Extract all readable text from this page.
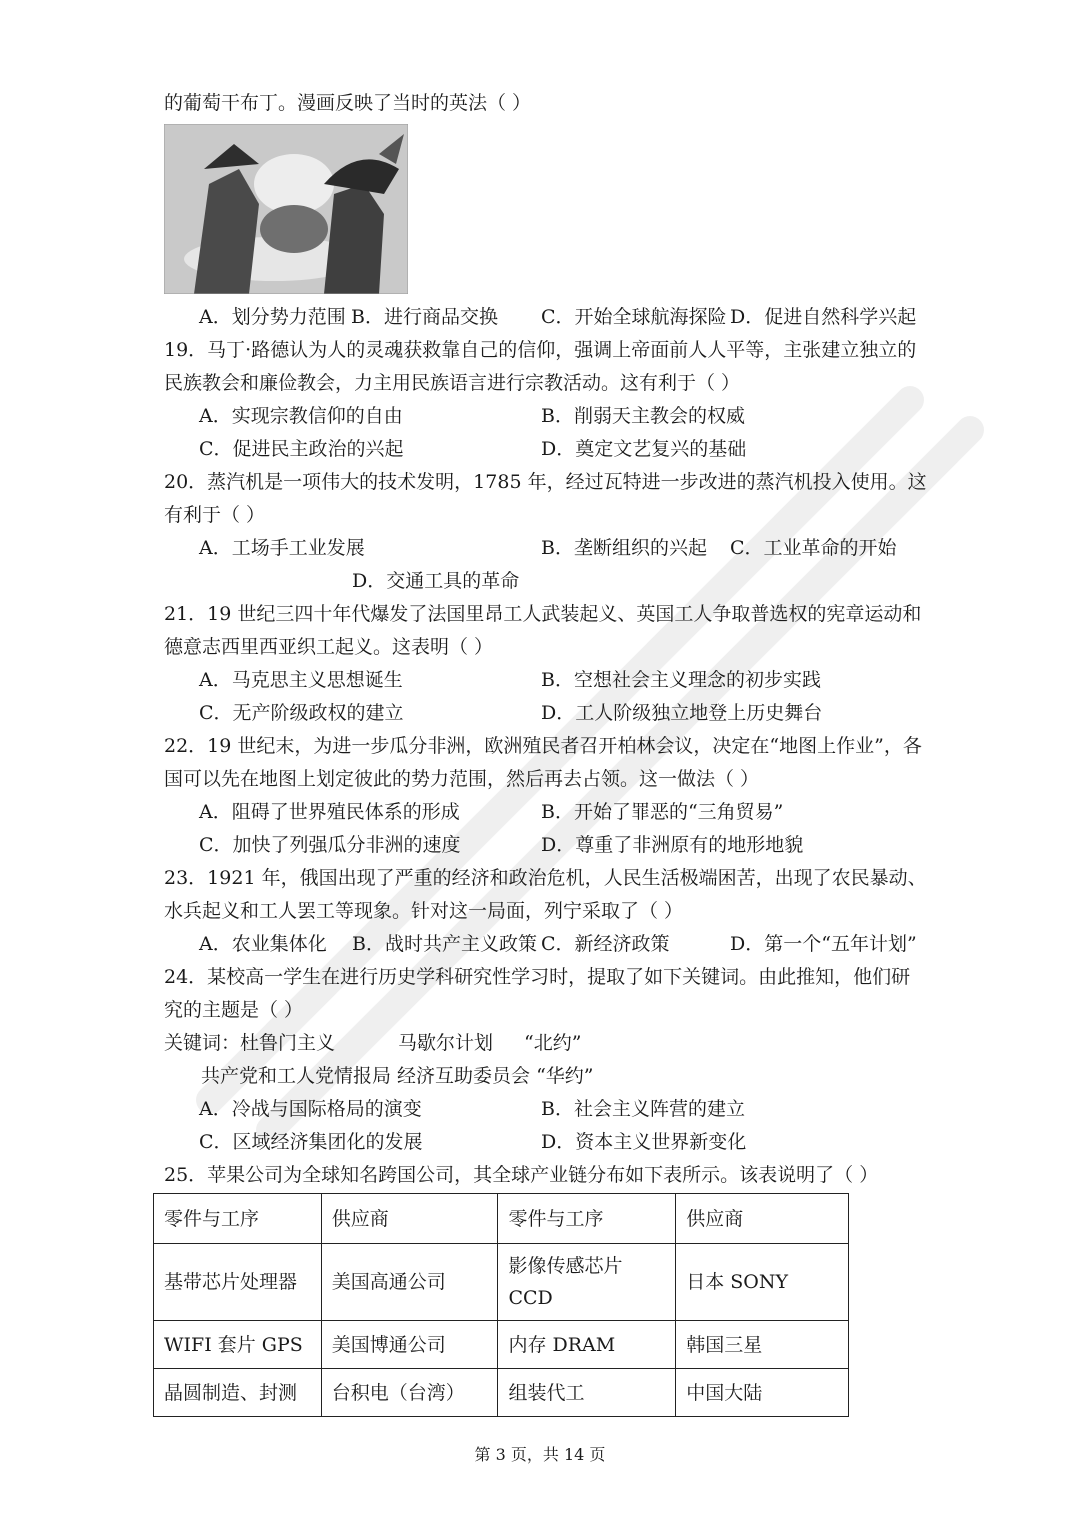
的葡萄干布丁。漫画反映了当时的英法（ ）
A．划分势力范围 B．进行商品交换 C．开始全球航海探险 D．促进自然科学兴起
19．马丁·路德认为人的灵魂获救靠自己的信仰，强调上帝面前人人平等，主张建立独立的
民族教会和廉俭教会，力主用民族语言进行宗教活动。这有利于（ ）
A．实现宗教信仰的自由	B．削弱天主教会的权威
C．促进民主政治的兴起	D．奠定文艺复兴的基础
20．蒸汽机是一项伟大的技术发明，1785 年，经过瓦特进一步改进的蒸汽机投入使用。这
有利于（ ）
A．工场手工业发展	B．垄断组织的兴起 C．工业革命的开始
D．交通工具的革命
21．19 世纪三四十年代爆发了法国里昂工人武装起义、英国工人争取普选权的宪章运动和
德意志西里西亚织工起义。这表明（ ）
A．马克思主义思想诞生	B．空想社会主义理念的初步实践
C．无产阶级政权的建立	D．工人阶级独立地登上历史舞台
22．19 世纪末，为进一步瓜分非洲，欧洲殖民者召开柏林会议，决定在“地图上作业”，各
国可以先在地图上划定彼此的势力范围，然后再去占领。这一做法（ ）
A．阻碍了世界殖民体系的形成	B．开始了罪恶的“三角贸易”
C．加快了列强瓜分非洲的速度	D．尊重了非洲原有的地形地貌
23．1921 年，俄国出现了严重的经济和政治危机，人民生活极端困苦，出现了农民暴动、
水兵起义和工人罢工等现象。针对这一局面，列宁采取了（ ）
A．农业集体化 B．战时共产主义政策 C．新经济政策	D．第一个“五年计划”
24．某校高一学生在进行历史学科研究性学习时，提取了如下关键词。由此推知，他们研
究的主题是（ ）
关键词：杜鲁门主义	马歇尔计划 “北约”
共产党和工人党情报局 经济互助委员会 “华约”
A．冷战与国际格局的演变	B．社会主义阵营的建立
C．区域经济集团化的发展	D．资本主义世界新变化
25．苹果公司为全球知名跨国公司，其全球产业链分布如下表所示。该表说明了（ ）
零件与工序	供应商	零件与工序	供应商
基带芯片处理器	美国高通公司	影像传感芯片 CCD	日本 SONY
WIFI 套片 GPS	美国博通公司	内存 DRAM	韩国三星
晶圆制造、封测	台积电（台湾）	组装代工	中国大陆
第 3 页，共 14 页
